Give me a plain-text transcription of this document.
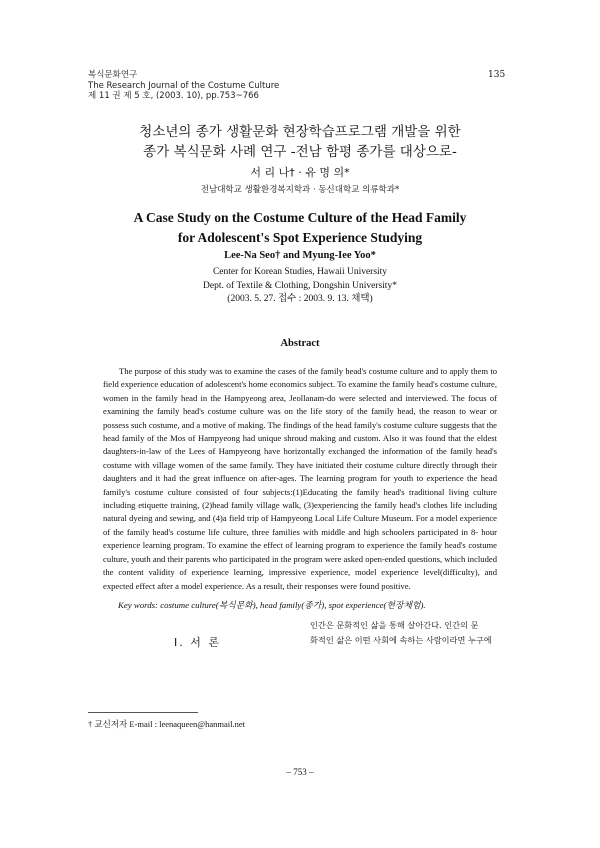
복식문화연구
The Research Journal of the Costume Culture
제 11 권 제 5 호, (2003. 10), pp.753~766
135
청소년의 종가 생활문화 현장학습프로그램 개발을 위한
종가 복식문화 사례 연구 -전남 함평 종가를 대상으로-
서 리 나† · 유 명 의*
전남대학교 생활환경복지학과 · 동신대학교 의류학과*
A Case Study on the Costume Culture of the Head Family
for Adolescent's Spot Experience Studying
Lee-Na Seo† and Myung-Iee Yoo*
Center for Korean Studies, Hawaii University
Dept. of Textile & Clothing, Dongshin University*
(2003. 5. 27. 접수 : 2003. 9. 13. 채택)
Abstract
The purpose of this study was to examine the cases of the family head's costume culture and to apply them to field experience education of adolescent's home economics subject. To examine the family head's costume culture, women in the family head in the Hampyeong area, Jeollanam-do were selected and interviewed. The focus of examining the family head's costume culture was on the life story of the family head, the reason to wear or possess such costume, and a motive of making. The findings of the head family's costume culture suggests that the head family of the Mos of Hampyeong had unique shroud making and custom. Also it was found that the eldest daughters-in-law of the Lees of Hampyeong have horizontally exchanged the information of the family head's costume with village women of the same family. They have initiated their costume culture directly through their daughters and it had the great influence on after-ages. The learning program for youth to experience the head family's costume culture consisted of four subjects:(1)Educating the family head's traditional living culture including etiquette training, (2)head family village walk, (3)experiencing the family head's clothes life including natural dyeing and sewing, and (4)a field trip of Hampyeong Local Life Culture Museum. For a model experience of the family head's costume life culture, three families with middle and high schoolers participated in 8- hour experience learning program. To examine the effect of learning program to experience the family head's costume culture, youth and their parents who participated in the program were asked open-ended questions, which included the content validity of experience learning, impressive experience, model experience level(difficulty), and expected effect after a model experience. As a result, their responses were found positive.
Key words: costume culture(복식문화), head family(종가), spot experience(현장체험).
Ⅰ. 서 론
인간은 문화적인 삶을 통해 살아간다. 인간의 문
화적인 삶은 이떤 사회에 속하는 사람이라면 누구에
† 교신저자 E-mail : leenaqueen@hanmail.net
– 753 –
